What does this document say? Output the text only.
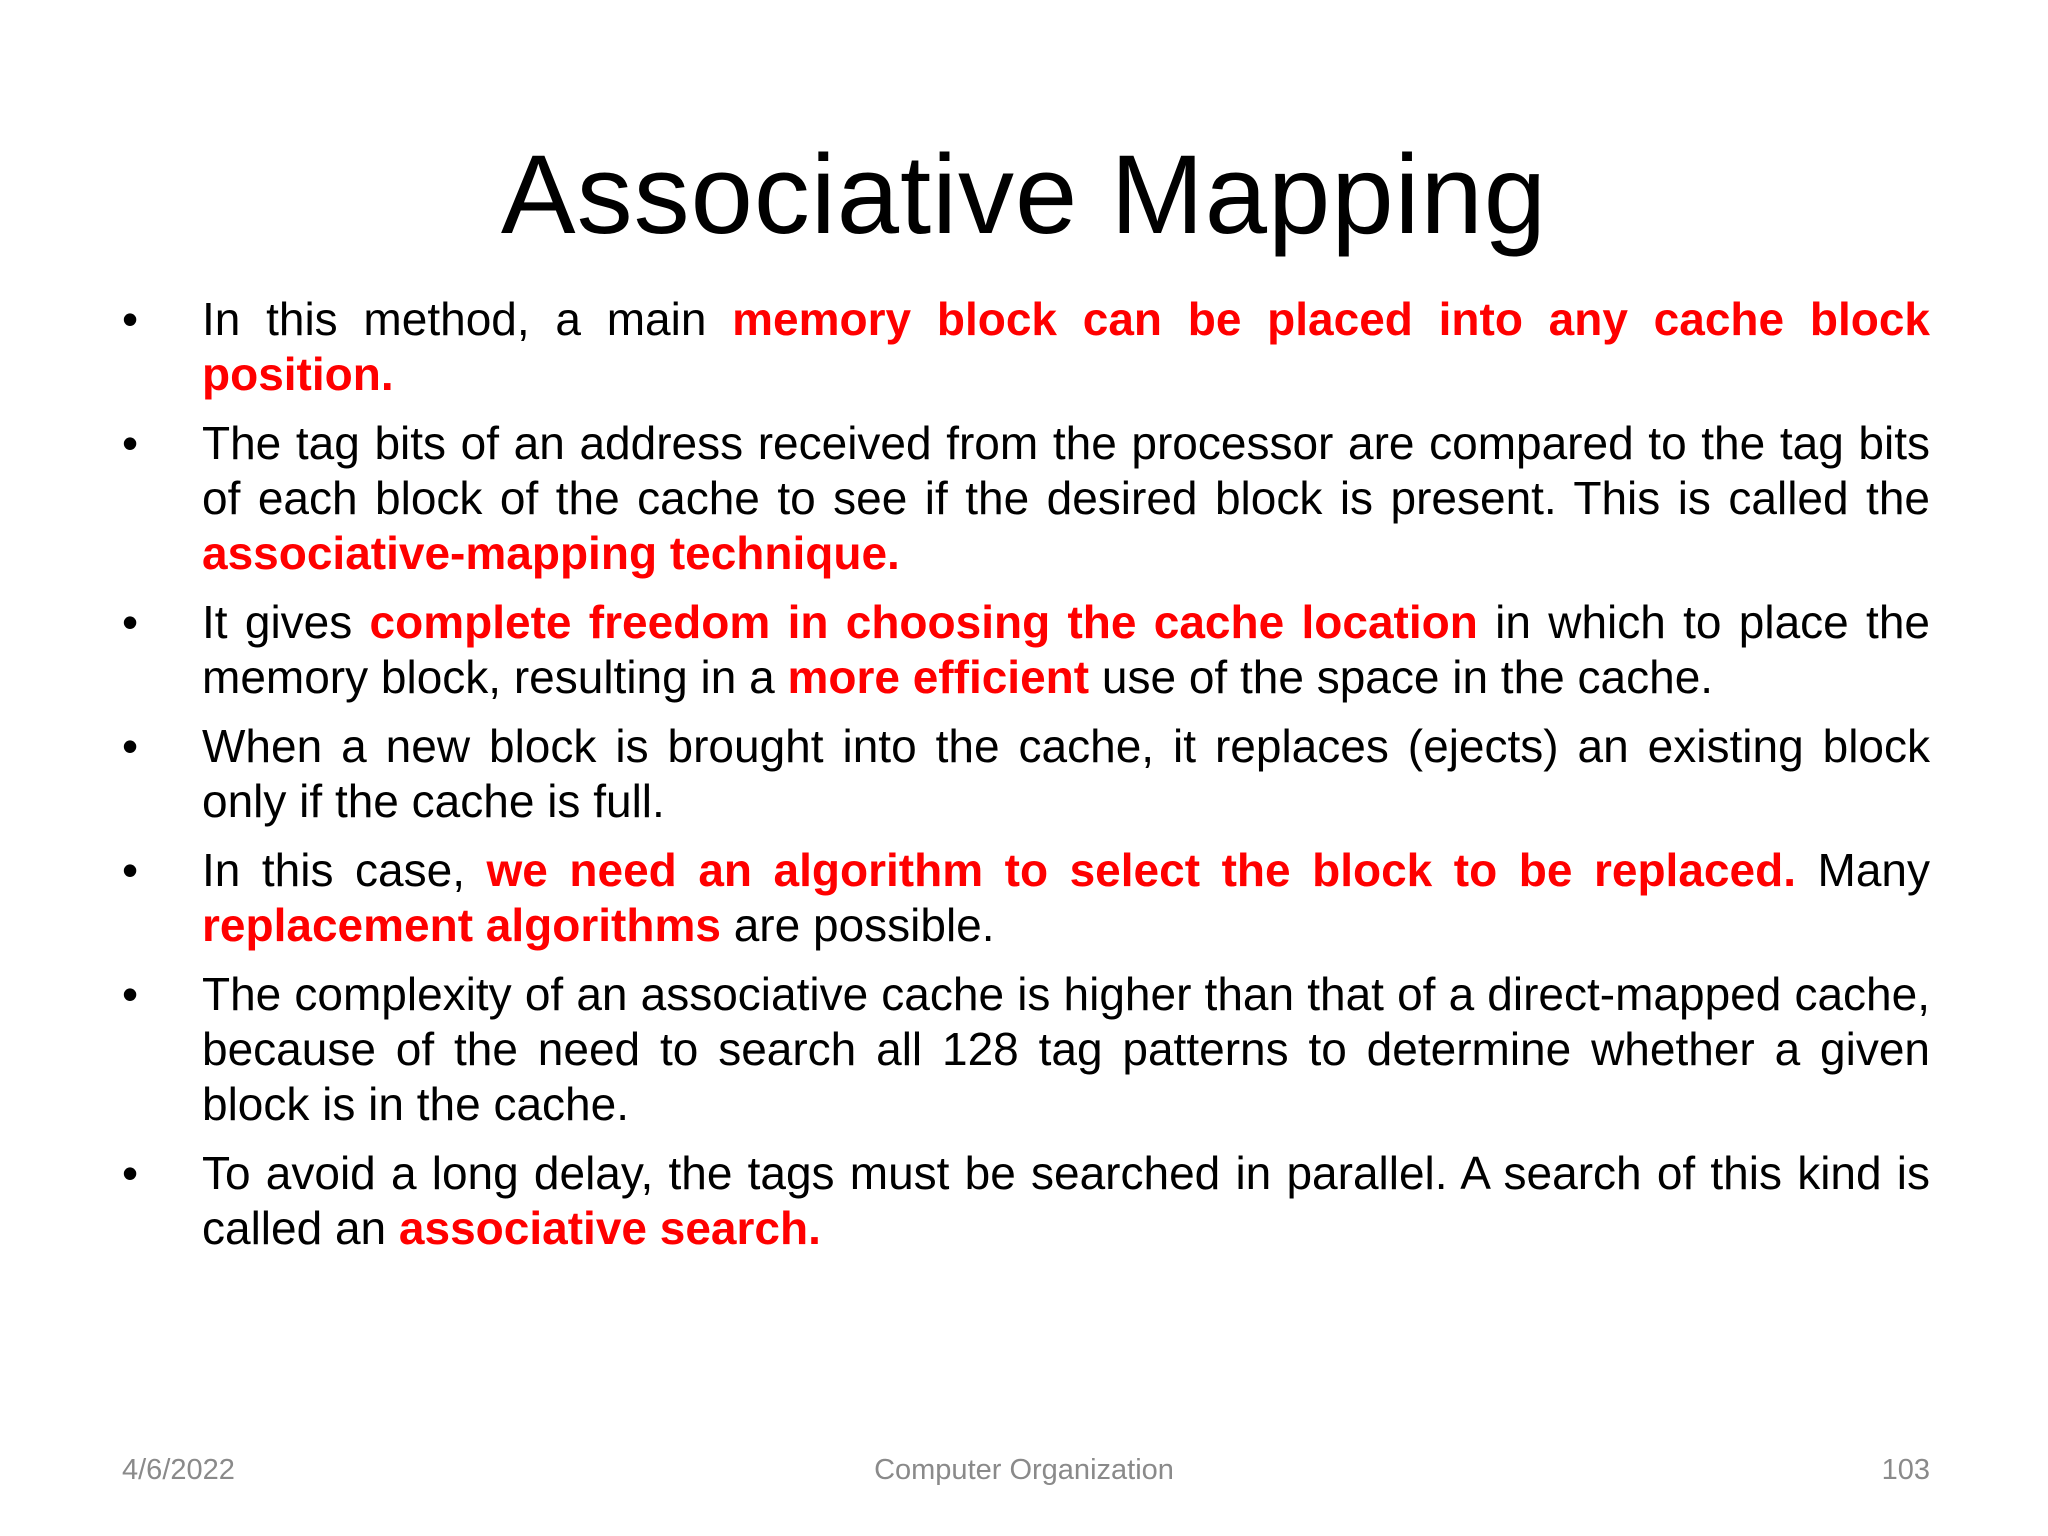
Associative Mapping
• In this method, a main memory block can be placed into any cache block position.
• The tag bits of an address received from the processor are compared to the tag bits of each block of the cache to see if the desired block is present. This is called the associative-mapping technique.
• It gives complete freedom in choosing the cache location in which to place the memory block, resulting in a more efficient use of the space in the cache.
• When a new block is brought into the cache, it replaces (ejects) an existing block only if the cache is full.
• In this case, we need an algorithm to select the block to be replaced. Many replacement algorithms are possible.
• The complexity of an associative cache is higher than that of a direct-mapped cache, because of the need to search all 128 tag patterns to determine whether a given block is in the cache.
• To avoid a long delay, the tags must be searched in parallel. A search of this kind is called an associative search.
4/6/2022	Computer Organization	103
